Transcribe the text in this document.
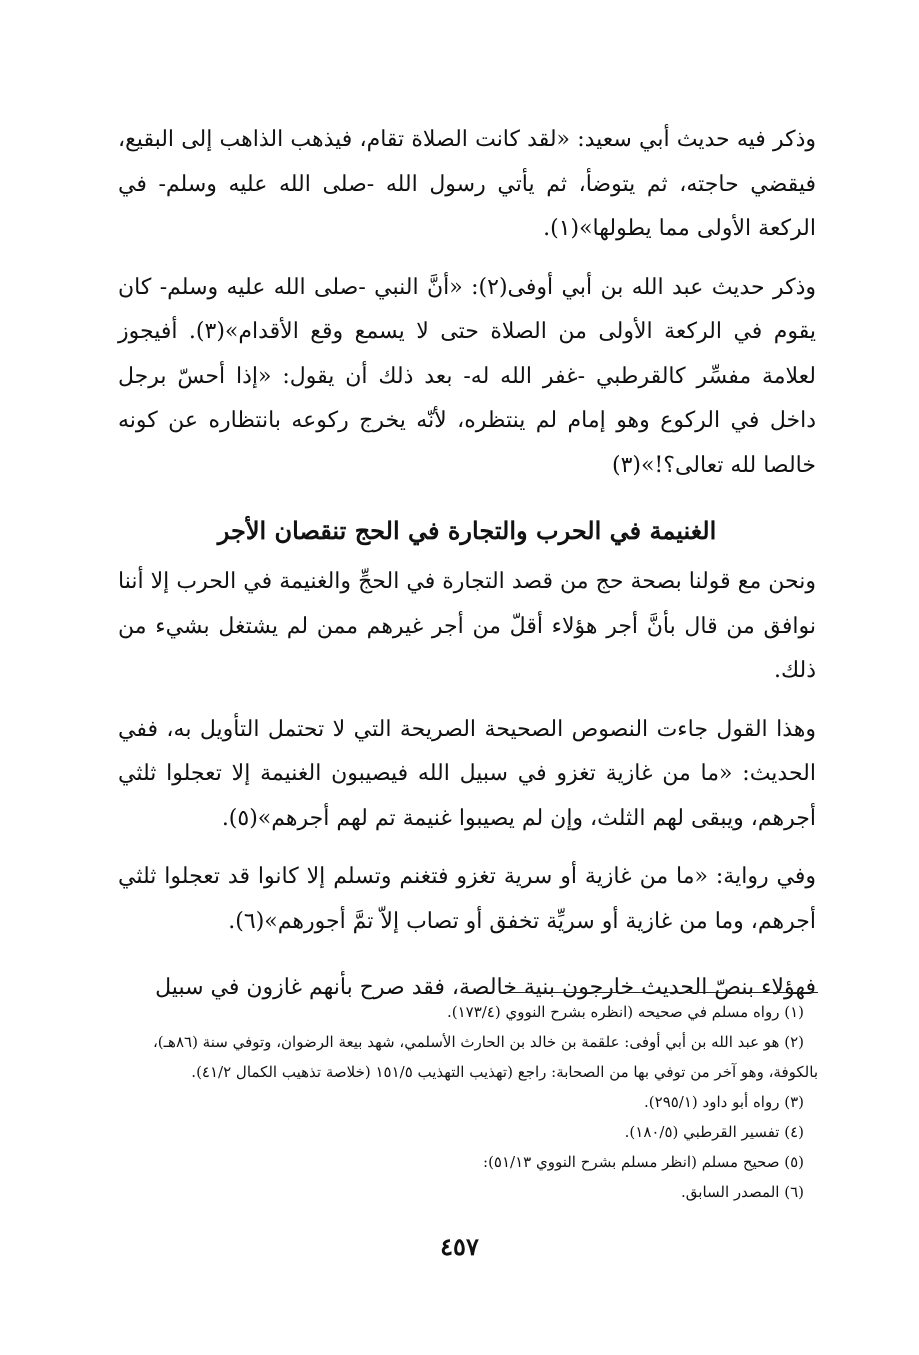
وذكر فيه حديث أبي سعيد: «لقد كانت الصلاة تقام، فيذهب الذاهب إلى البقيع، فيقضي حاجته، ثم يتوضأ، ثم يأتي رسول الله -صلى الله عليه وسلم- في الركعة الأولى مما يطولها»(١).

وذكر حديث عبد الله بن أبي أوفى(٢): «أنَّ النبي -صلى الله عليه وسلم- كان يقوم في الركعة الأولى من الصلاة حتى لا يسمع وقع الأقدام»(٣). أفيجوز لعلامة مفسِّر كالقرطبي -غفر الله له- بعد ذلك أن يقول: «إذا أحسّ برجل داخل في الركوع وهو إمام لم ينتظره، لأنّه يخرج ركوعه بانتظاره عن كونه خالصا لله تعالى؟!»(٣)

الغنيمة في الحرب والتجارة في الحج تنقصان الأجر

ونحن مع قولنا بصحة حج من قصد التجارة في الحجِّ والغنيمة في الحرب إلا أننا نوافق من قال بأنَّ أجر هؤلاء أقلّ من أجر غيرهم ممن لم يشتغل بشيء من ذلك.

وهذا القول جاءت النصوص الصحيحة الصريحة التي لا تحتمل التأويل به، ففي الحديث: «ما من غازية تغزو في سبيل الله فيصيبون الغنيمة إلا تعجلوا ثلثي أجرهم، ويبقى لهم الثلث، وإن لم يصيبوا غنيمة تم لهم أجرهم»(٥).

وفي رواية: «ما من غازية أو سرية تغزو فتغنم وتسلم إلا كانوا قد تعجلوا ثلثي أجرهم، وما من غازية أو سريِّة تخفق أو تصاب إلاّ تمَّ أجورهم»(٦).

فهؤلاء بنصّ الحديث خارجون بنية خالصة، فقد صرح بأنهم غازون في سبيل

(١) رواه مسلم في صحيحه (انظره بشرح النووي (١٧٣/٤).

(٢) هو عبد الله بن أبي أوفى: علقمة بن خالد بن الحارث الأسلمي، شهد بيعة الرضوان، وتوفي سنة (٨٦هـ)،

بالكوفة، وهو آخر من توفي بها من الصحابة: راجع (تهذيب التهذيب ١٥١/٥ (خلاصة تذهيب الكمال ٤١/٢).

(٣) رواه أبو داود (٢٩٥/١).

(٤) تفسير القرطبي (١٨٠/٥).

(٥) صحيح مسلم (انظر مسلم بشرح النووي ٥١/١٣):

(٦) المصدر السابق.

٤٥٧
